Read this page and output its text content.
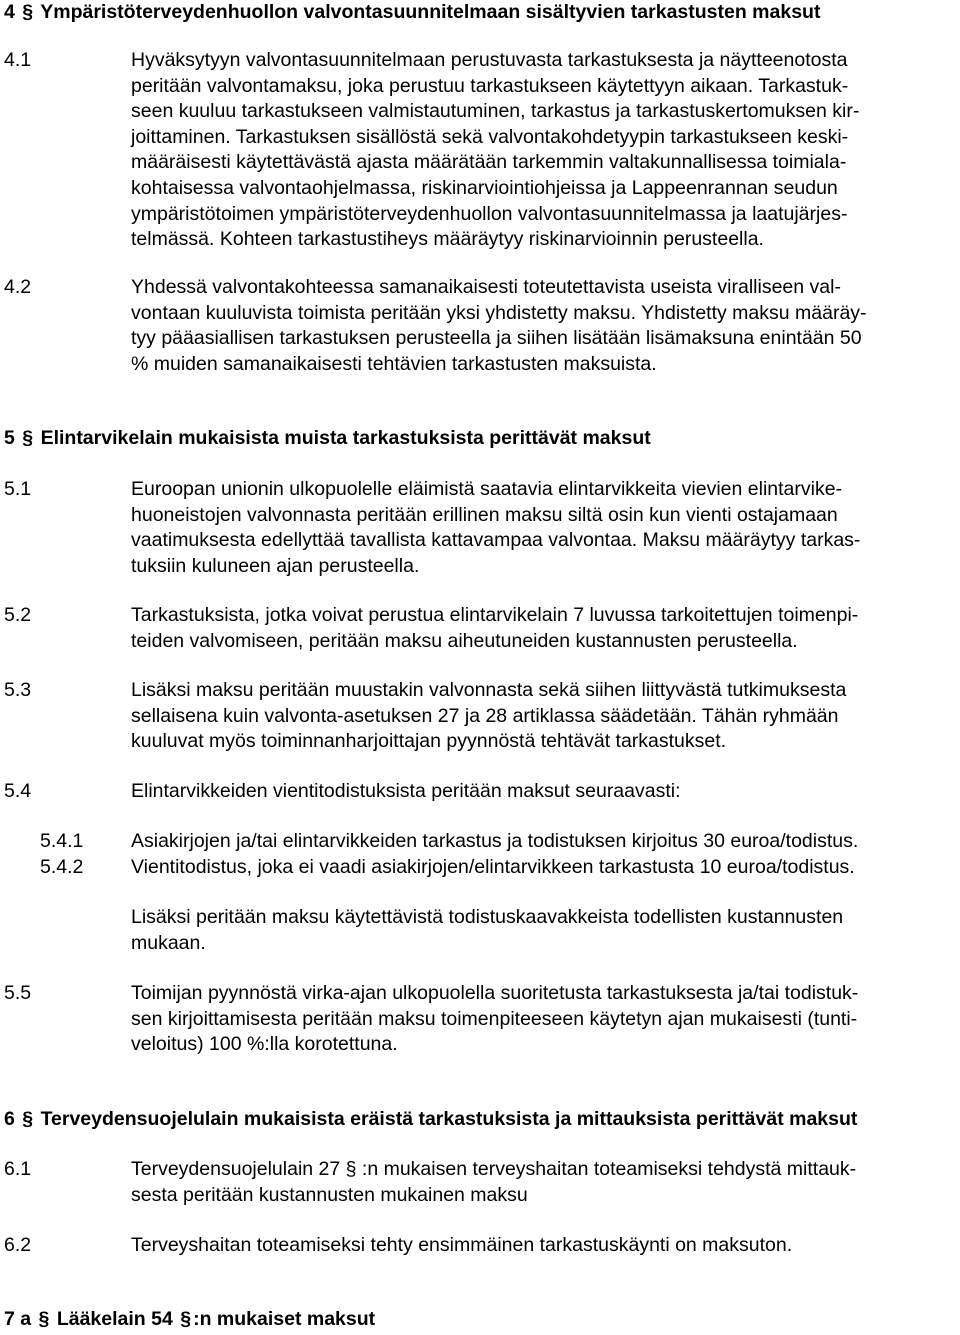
4 § Ympäristöterveydenhuollon valvontasuunnitelmaan sisältyvien tarkastusten maksut
4.1	Hyväksytyyn valvontasuunnitelmaan perustuvasta tarkastuksesta ja näytteenotosta
peritään valvontamaksu, joka perustuu tarkastukseen käytettyyn aikaan. Tarkastuk-
seen kuuluu tarkastukseen valmistautuminen, tarkastus ja tarkastuskertomuksen kir-
joittaminen. Tarkastuksen sisällöstä sekä valvontakohdetyypin tarkastukseen keski-
määräisesti käytettävästä ajasta määrätään tarkemmin valtakunnallisessa toimiala-
kohtaisessa valvontaohjelmassa, riskinarviointiohjeissa ja Lappeenrannan seudun
ympäristötoimen ympäristöterveydenhuollon valvontasuunnitelmassa ja laatujärjes-
telmässä. Kohteen tarkastustiheys määräytyy riskinarvioinnin perusteella.
4.2	Yhdessä valvontakohteessa samanaikaisesti toteutettavista useista viralliseen val-
vontaan kuuluvista toimista peritään yksi yhdistetty maksu. Yhdistetty maksu määräy-
tyy pääasiallisen tarkastuksen perusteella ja siihen lisätään lisämaksuna enintään 50
% muiden samanaikaisesti tehtävien tarkastusten maksuista.
5 § Elintarvikelain mukaisista muista tarkastuksista perittävät maksut
5.1	Euroopan unionin ulkopuolelle eläimistä saatavia elintarvikkeita vievien elintarvike-
huoneistojen valvonnasta peritään erillinen maksu siltä osin kun vienti ostajamaan
vaatimuksesta edellyttää tavallista kattavampaa valvontaa. Maksu määräytyy tarkas-
tuksiin kuluneen ajan perusteella.
5.2	Tarkastuksista, jotka voivat perustua elintarvikelain 7 luvussa tarkoitettujen toimenpi-
teiden valvomiseen, peritään maksu aiheutuneiden kustannusten perusteella.
5.3	Lisäksi maksu peritään muustakin valvonnasta sekä siihen liittyvästä tutkimuksesta
sellaisena kuin valvonta-asetuksen 27 ja 28 artiklassa säädetään. Tähän ryhmään
kuuluvat myös toiminnanharjoittajan pyynnöstä tehtävät tarkastukset.
5.4	Elintarvikkeiden vientitodistuksista peritään maksut seuraavasti:
5.4.1 Asiakirjojen ja/tai elintarvikkeiden tarkastus ja todistuksen kirjoitus 30 euroa/todistus.
5.4.2 Vientitodistus, joka ei vaadi asiakirjojen/elintarvikkeen tarkastusta 10 euroa/todistus.
Lisäksi peritään maksu käytettävistä todistuskaavakkeista todellisten kustannusten
mukaan.
5.5	Toimijan pyynnöstä virka-ajan ulkopuolella suoritetusta tarkastuksesta ja/tai todistuk-
sen kirjoittamisesta peritään maksu toimenpiteeseen käytetyn ajan mukaisesti (tunti-
veloitus) 100 %:lla korotettuna.
6 § Terveydensuojelulain mukaisista eräistä tarkastuksista ja mittauksista perittävät maksut
6.1	Terveydensuojelulain 27 § :n mukaisen terveyshaitan toteamiseksi tehdystä mittauk-
sesta peritään kustannusten mukainen maksu
6.2	Terveyshaitan toteamiseksi tehty ensimmäinen tarkastuskäynti on maksuton.
7 a § Lääkelain 54 § :n mukaiset maksut
